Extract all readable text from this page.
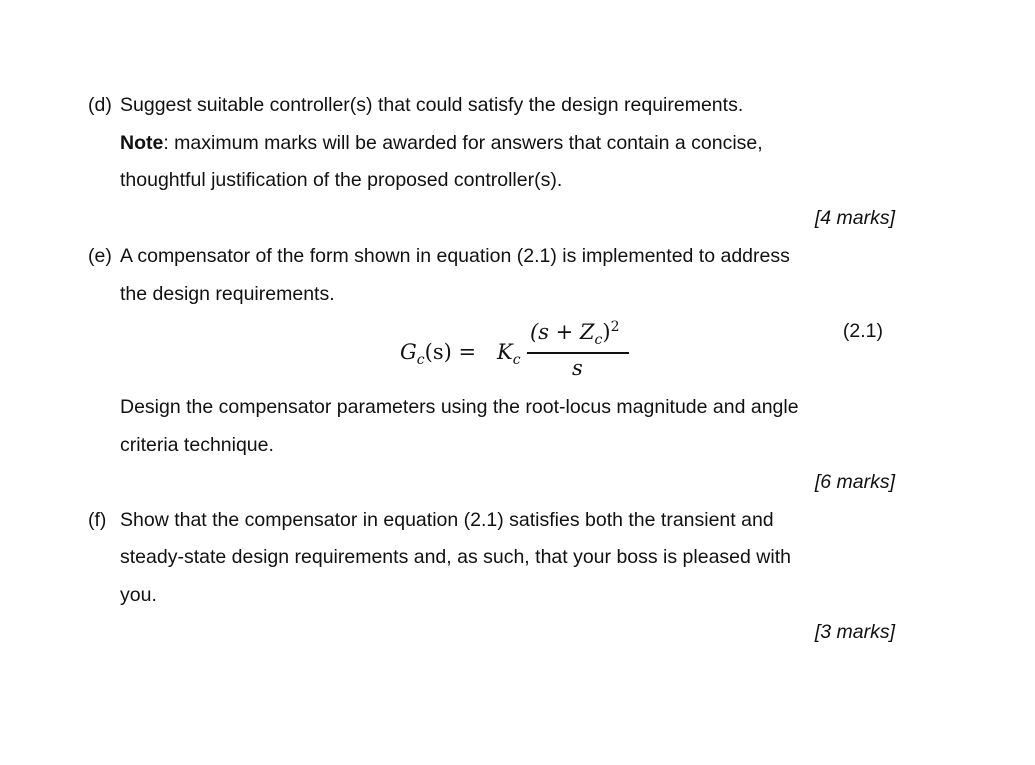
(d) Suggest suitable controller(s) that could satisfy the design requirements.
Note: maximum marks will be awarded for answers that contain a concise,
thoughtful justification of the proposed controller(s).
[4 marks]
(e) A compensator of the form shown in equation (2.1) is implemented to address
the design requirements.
$G_c(s) = K_c$
$(s + Z_c)^2$
s
(2.1)
Design the compensator parameters using the root-locus magnitude and angle
criteria technique.
[6 marks]
(f) Show that the compensator in equation (2.1) satisfies both the transient and
steady-state design requirements and, as such, that your boss is pleased with
you.
[3 marks]
